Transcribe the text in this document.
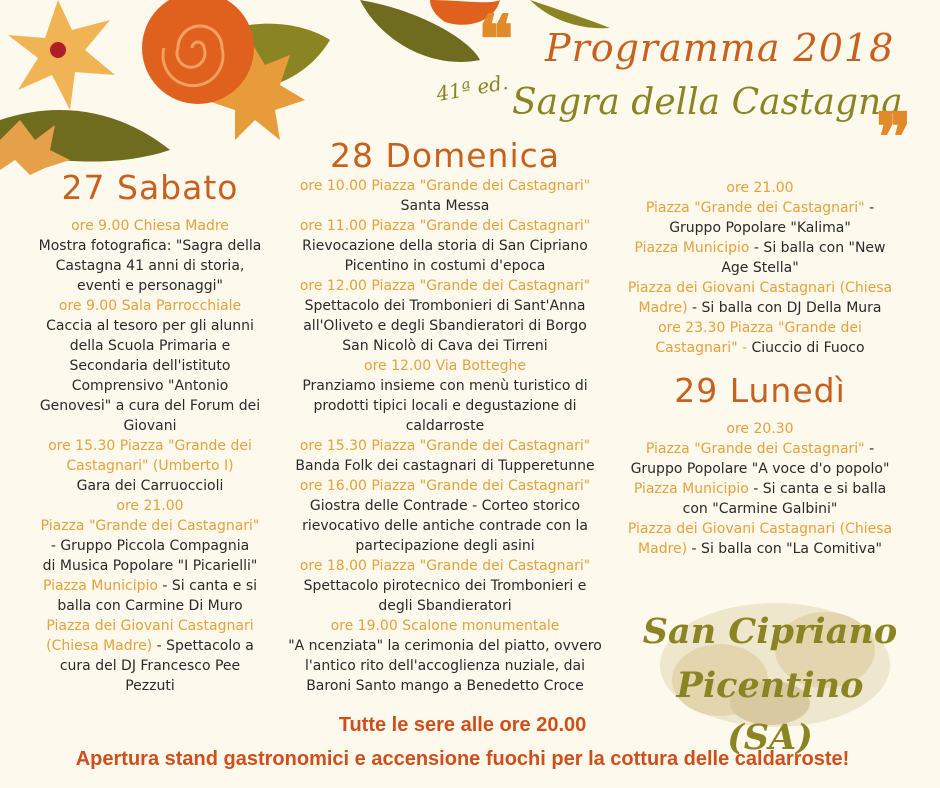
❝ Programma 2018
41ª ed. Sagra della Castagna
❞
27 Sabato
ore 9.00 Chiesa Madre
Mostra fotografica: "Sagra della
Castagna 41 anni di storia,
eventi e personaggi"
ore 9.00 Sala Parrocchiale
Caccia al tesoro per gli alunni
della Scuola Primaria e
Secondaria dell'istituto
Comprensivo "Antonio
Genovesi" a cura del Forum dei
Giovani
ore 15.30 Piazza "Grande dei
Castagnari" (Umberto I)
Gara dei Carruoccioli
ore 21.00
Piazza "Grande dei Castagnari"
- Gruppo Piccola Compagnia
di Musica Popolare "I Picarielli"
Piazza Municipio - Si canta e si
balla con Carmine Di Muro
Piazza dei Giovani Castagnari
(Chiesa Madre) - Spettacolo a
cura del DJ Francesco Pee
Pezzuti
28 Domenica
ore 10.00 Piazza "Grande dei Castagnari"
Santa Messa
ore 11.00 Piazza "Grande dei Castagnari"
Rievocazione della storia di San Cipriano
Picentino in costumi d'epoca
ore 12.00 Piazza "Grande dei Castagnari"
Spettacolo dei Trombonieri di Sant'Anna
all'Oliveto e degli Sbandieratori di Borgo
San Nicolò di Cava dei Tirreni
ore 12.00 Via Botteghe
Pranziamo insieme con menù turistico di
prodotti tipici locali e degustazione di
caldarroste
ore 15.30 Piazza "Grande dei Castagnari"
Banda Folk dei castagnari di Tupperetunne
ore 16.00 Piazza "Grande dei Castagnari"
Giostra delle Contrade - Corteo storico
rievocativo delle antiche contrade con la
partecipazione degli asini
ore 18.00 Piazza "Grande dei Castagnari"
Spettacolo pirotecnico dei Trombonieri e
degli Sbandieratori
ore 19.00 Scalone monumentale
"A ncenziata" la cerimonia del piatto, ovvero
l'antico rito dell'accoglienza nuziale, dai
Baroni Santo mango a Benedetto Croce
ore 21.00
Piazza "Grande dei Castagnari" -
Gruppo Popolare "Kalima"
Piazza Municipio - Si balla con "New
Age Stella"
Piazza dei Giovani Castagnari (Chiesa
Madre) - Si balla con DJ Della Mura
ore 23.30 Piazza "Grande dei
Castagnari" - Ciuccio di Fuoco
29 Lunedì
ore 20.30
Piazza "Grande dei Castagnari" -
Gruppo Popolare "A voce d'o popolo"
Piazza Municipio - Si canta e si balla
con "Carmine Galbini"
Piazza dei Giovani Castagnari (Chiesa
Madre) - Si balla con "La Comitiva"
San Cipriano
Picentino (SA)
Tutte le sere alle ore 20.00
Apertura stand gastronomici e accensione fuochi per la cottura delle caldarroste!
